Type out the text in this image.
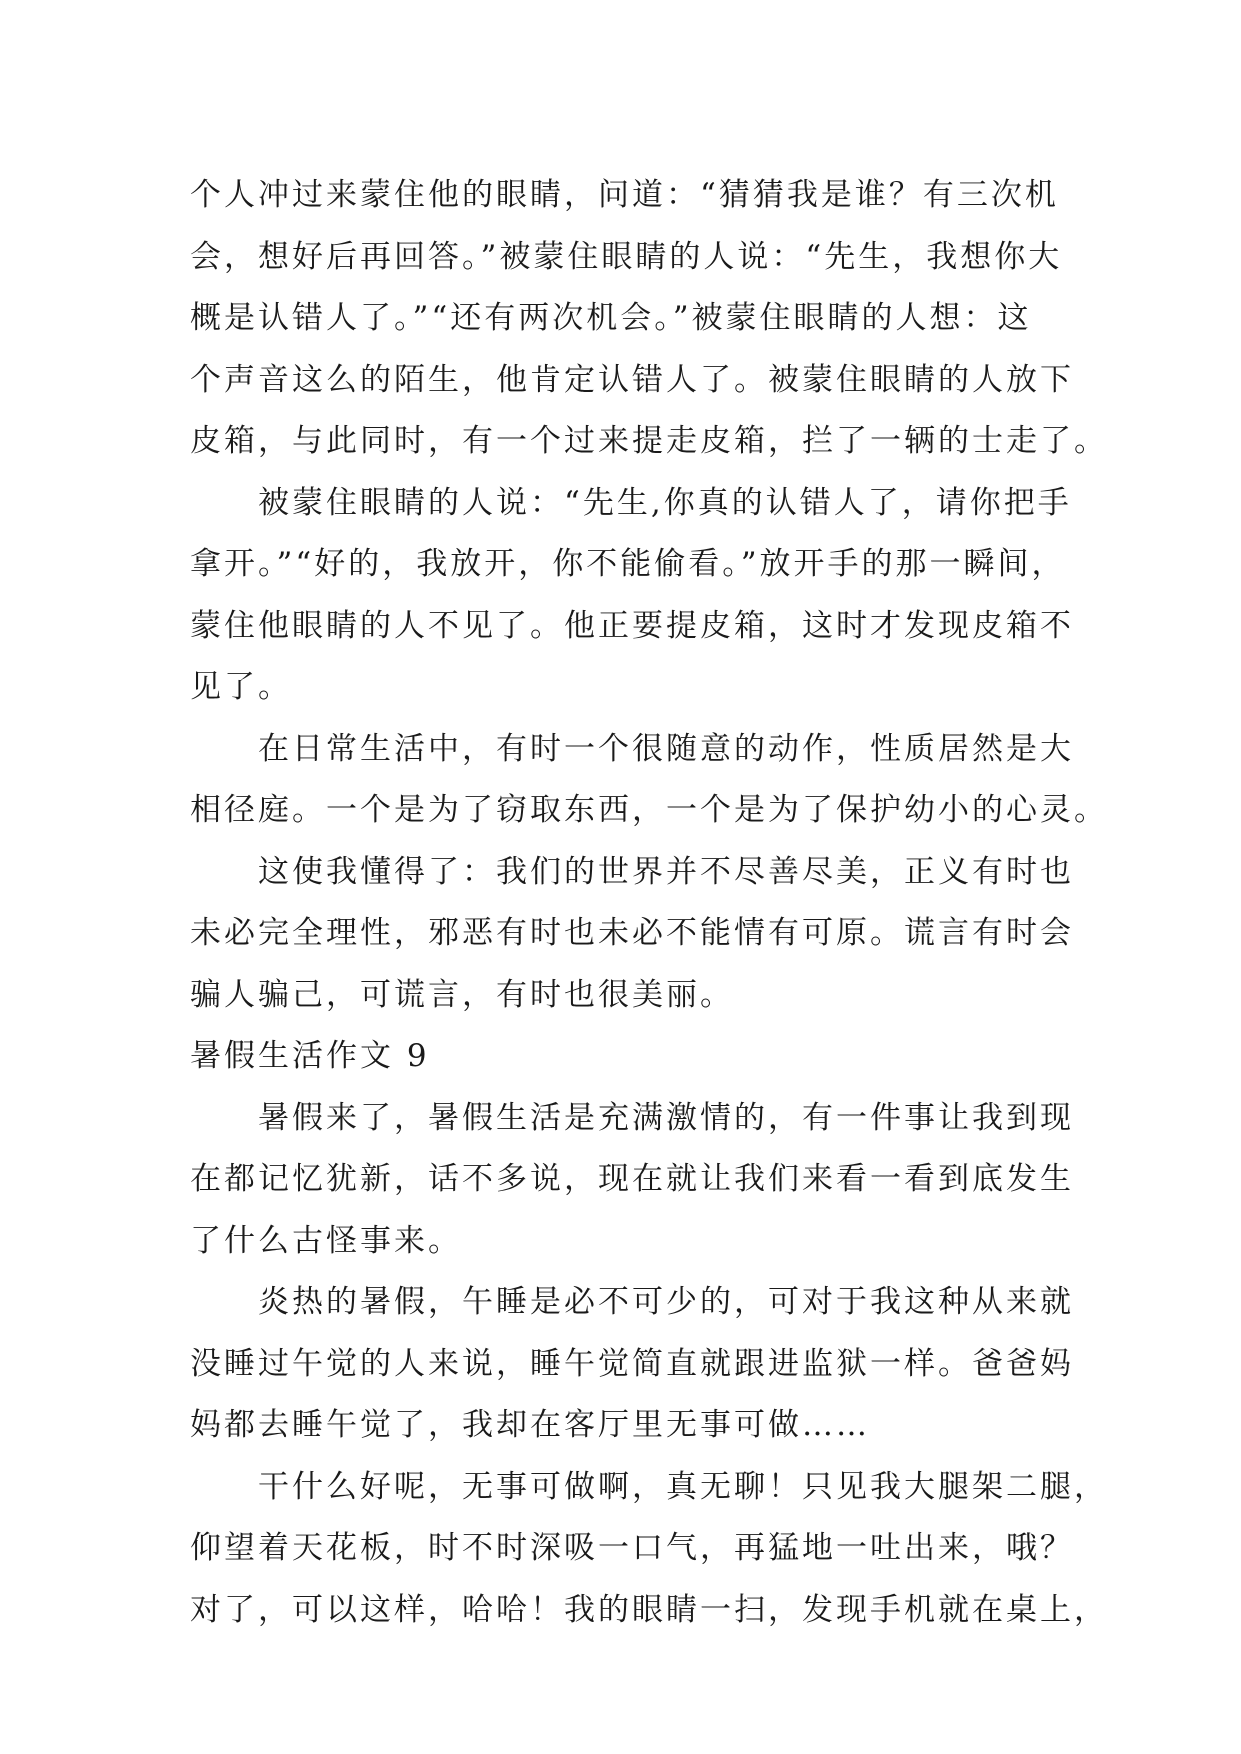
个人冲过来蒙住他的眼睛，问道：“猜猜我是谁？有三次机
会，想好后再回答。”被蒙住眼睛的人说：“先生，我想你大
概是认错人了。”“还有两次机会。”被蒙住眼睛的人想：这
个声音这么的陌生，他肯定认错人了。被蒙住眼睛的人放下
皮箱，与此同时，有一个过来提走皮箱，拦了一辆的士走了。
被蒙住眼睛的人说：“先生,你真的认错人了，请你把手
拿开。”“好的，我放开，你不能偷看。”放开手的那一瞬间，
蒙住他眼睛的人不见了。他正要提皮箱，这时才发现皮箱不
见了。
在日常生活中，有时一个很随意的动作，性质居然是大
相径庭。一个是为了窃取东西，一个是为了保护幼小的心灵。
这使我懂得了：我们的世界并不尽善尽美，正义有时也
未必完全理性，邪恶有时也未必不能情有可原。谎言有时会
骗人骗己，可谎言，有时也很美丽。
暑假生活作文 9
暑假来了，暑假生活是充满激情的，有一件事让我到现
在都记忆犹新，话不多说，现在就让我们来看一看到底发生
了什么古怪事来。
炎热的暑假，午睡是必不可少的，可对于我这种从来就
没睡过午觉的人来说，睡午觉简直就跟进监狱一样。爸爸妈
妈都去睡午觉了，我却在客厅里无事可做……
干什么好呢，无事可做啊，真无聊！只见我大腿架二腿，
仰望着天花板，时不时深吸一口气，再猛地一吐出来，哦？
对了，可以这样，哈哈！我的眼睛一扫，发现手机就在桌上，
